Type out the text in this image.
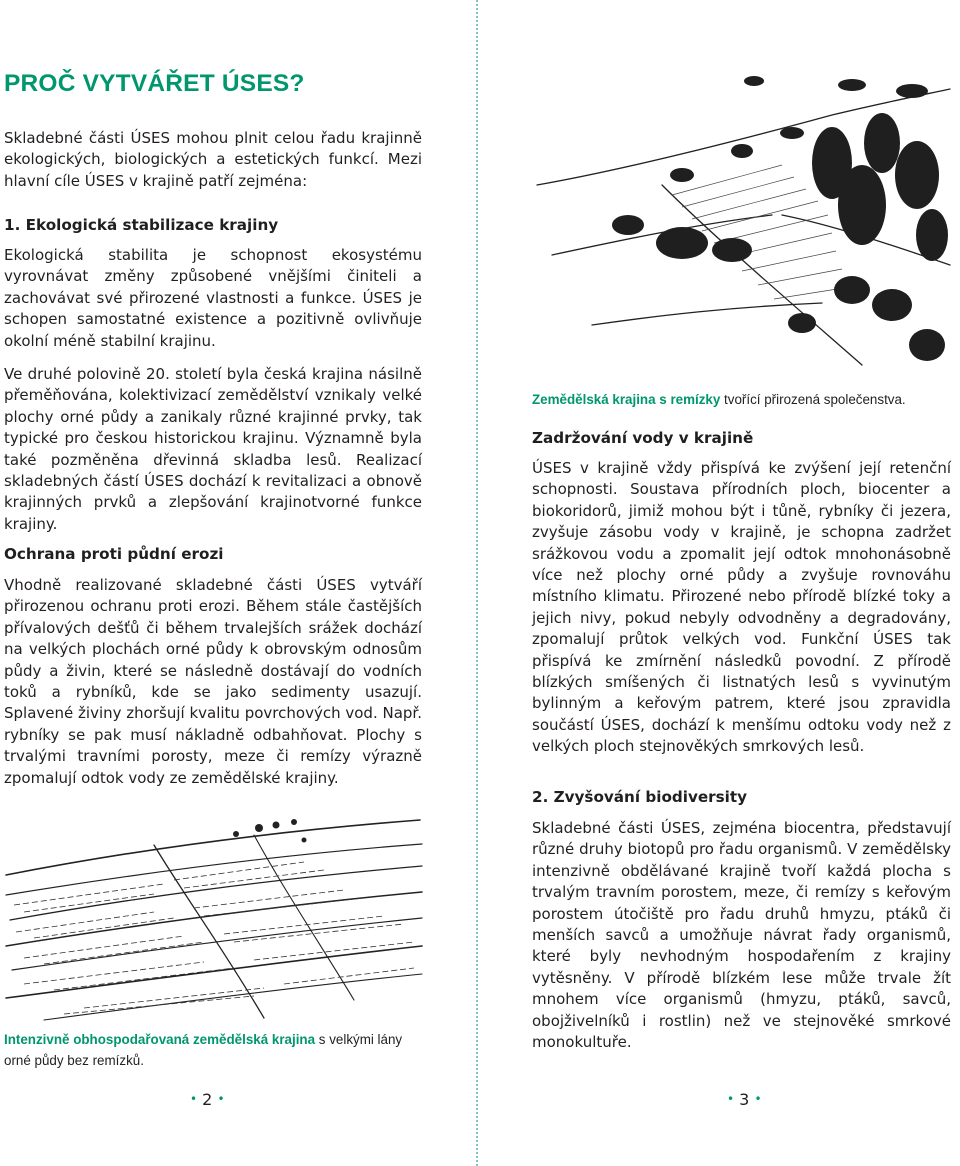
PROČ VYTVÁŘET ÚSES?

Skladebné části ÚSES mohou plnit celou řadu krajinně ekologických, biologických a estetických funkcí. Mezi hlavní cíle ÚSES v krajině patří zejména:

1. Ekologická stabilizace krajiny

Ekologická stabilita je schopnost ekosystému vyrovnávat změny způsobené vnějšími činiteli a zachovávat své přirozené vlastnosti a funkce. ÚSES je schopen samostatné existence a pozitivně ovlivňuje okolní méně stabilní krajinu.

Ve druhé polovině 20. století byla česká krajina násilně přeměňována, kolektivizací zemědělství vznikaly velké plochy orné půdy a zanikaly různé krajinné prvky, tak typické pro českou historickou krajinu. Významně byla také pozměněna dřevinná skladba lesů. Realizací skladebných částí ÚSES dochází k revitalizaci a obnově krajinných prvků a zlepšování krajinotvorné funkce krajiny.

Ochrana proti půdní erozi

Vhodně realizované skladebné části ÚSES vytváří přirozenou ochranu proti erozi. Během stále častějších přívalových dešťů či během trvalejších srážek dochází na velkých plochách orné půdy k obrovským odnosům půdy a živin, které se následně dostávají do vodních toků a rybníků, kde se jako sedimenty usazují. Splavené živiny zhoršují kvalitu povrchových vod. Např. rybníky se pak musí nákladně odbahňovat. Plochy s trvalými travními porosty, meze či remízy výrazně zpomalují odtok vody ze zemědělské krajiny.

Intenzivně obhospodařovaná zemědělská krajina s velkými lány orné půdy bez remízků.
• 2 •
Zemědělská krajina s remízky tvořící přirozená společenstva.
Zadržování vody v krajině

ÚSES v krajině vždy přispívá ke zvýšení její retenční schopnosti. Soustava přírodních ploch, biocenter a biokoridorů, jimiž mohou být i tůně, rybníky či jezera, zvyšuje zásobu vody v krajině, je schopna zadržet srážkovou vodu a zpomalit její odtok mnohonásobně více než plochy orné půdy a zvyšuje rovnováhu místního klimatu. Přirozené nebo přírodě blízké toky a jejich nivy, pokud nebyly odvodněny a degradovány, zpomalují průtok velkých vod. Funkční ÚSES tak přispívá ke zmírnění následků povodní. Z přírodě blízkých smíšených či listnatých lesů s vyvinutým bylinným a keřovým patrem, které jsou zpravidla součástí ÚSES, dochází k menšímu odtoku vody než z velkých ploch stejnověkých smrkových lesů.

2. Zvyšování biodiversity

Skladebné části ÚSES, zejména biocentra, představují různé druhy biotopů pro řadu organismů. V zemědělsky intenzivně obdělávané krajině tvoří každá plocha s trvalým travním porostem, meze, či remízy s keřovým porostem útočiště pro řadu druhů hmyzu, ptáků či menších savců a umožňuje návrat řady organismů, které byly nevhodným hospodařením z krajiny vytěsněny. V přírodě blízkém lese může trvale žít mnohem více organismů (hmyzu, ptáků, savců, obojživelníků i rostlin) než ve stejnověké smrkové monokultuře.

• 3 •
